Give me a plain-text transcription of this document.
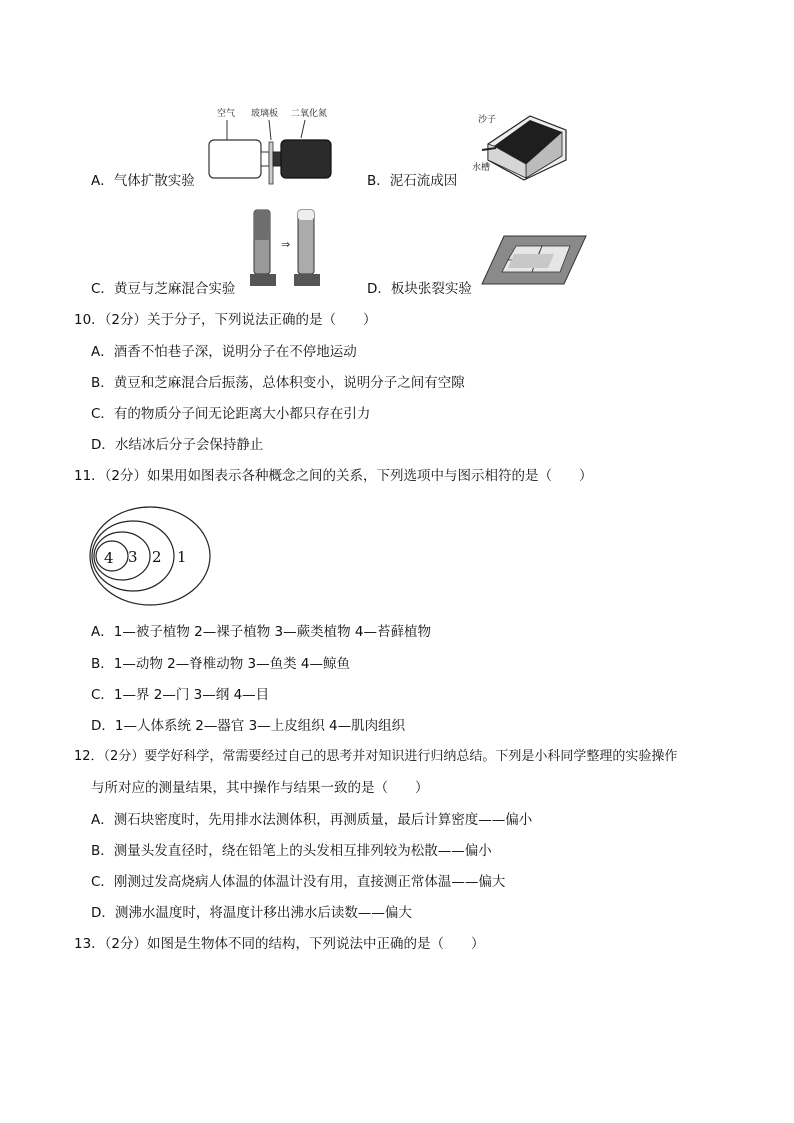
空气 玻璃板 二氧化氮
A．气体扩散实验
沙子
水槽
B．泥石流成因
⇒
C．黄豆与芝麻混合实验	D．板块张裂实验
10．（2分）关于分子，下列说法正确的是（　　）
A．酒香不怕巷子深，说明分子在不停地运动
B．黄豆和芝麻混合后振荡，总体积变小，说明分子之间有空隙
C．有的物质分子间无论距离大小都只存在引力
D．水结冰后分子会保持静止
11．（2分）如果用如图表示各种概念之间的关系，下列选项中与图示相符的是（　　）
1
2
3
4
A．1—被子植物 2—裸子植物 3—蕨类植物 4—苔藓植物
B．1—动物 2—脊椎动物 3—鱼类 4—鲸鱼
C．1—界 2—门 3—纲 4—目
D．1—人体系统 2—器官 3—上皮组织 4—肌肉组织
12．（2分）要学好科学，常需要经过自己的思考并对知识进行归纳总结。下列是小科同学整理的实验操作
与所对应的测量结果，其中操作与结果一致的是（　　）
A．测石块密度时，先用排水法测体积，再测质量，最后计算密度——偏小
B．测量头发直径时，绕在铅笔上的头发相互排列较为松散——偏小
C．刚测过发高烧病人体温的体温计没有用，直接测正常体温——偏大
D．测沸水温度时，将温度计移出沸水后读数——偏大
13．（2分）如图是生物体不同的结构，下列说法中正确的是（　　）
